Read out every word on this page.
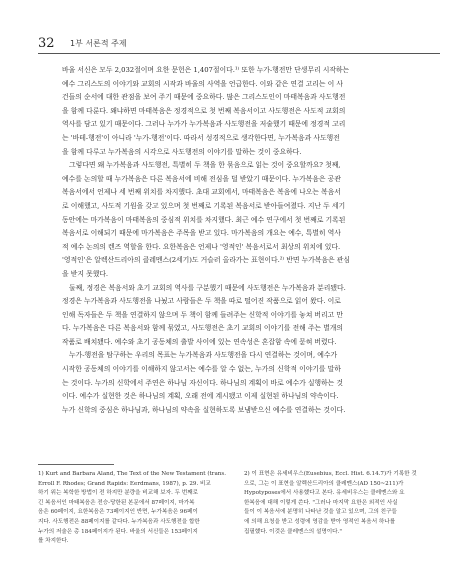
32 1부 서론적 주제

바울 서신은 모두 2,032절이며 요한 문헌은 1,407절이다.¹⁾ 또한 누가-행전만 단생무리 시작하는
예수 그리스도의 이야기와 교회의 시작과 바울의 사역을 언급한다. 이와 같은 연결 고리는 이 사
건들의 순서에 대한 관점을 보여 주기 때문에 중요하다. 많은 그리스도인이 마태복음과 사도행전
을 함께 다룬다. 왜냐하면 마태복음은 정경적으로 첫 번째 복음서이고 사도행전은 사도적 교회의
역사를 담고 있기 때문이다. 그러나 누가가 누가복음과 사도행전을 저술했기 때문에 정경적 고리
는 '바테-행전'이 아니라 '누가-행전'이다. 따라서 성경적으로 생각한다면, 누가복음과 사도행전
을 함께 다루고 누가복음의 시각으로 사도행전의 이야기를 말하는 것이 중요하다.

그렇다면 왜 누가복음과 사도행전, 특별히 두 책을 한 묶음으로 읽는 것이 중요할까요? 첫째,
예수를 논의할 때 누가복음은 다른 복음서에 비해 전심을 덜 받았기 때문이다. 누가복음은 공관
복음서에서 언제나 세 번째 위치를 차지했다. 초대 교회에서, 마태복음은 복음에 나오는 복음서
로 이해했고, 사도적 기원을 갖고 있으며 첫 번째로 기록된 복음서로 받아들여졌다. 지난 두 세기
동안에는 마가복음이 마태복음의 중심적 위치를 차지했다. 최근 예수 연구에서 첫 번째로 기록된
복음서로 이해되기 때문에 마가복음은 주목을 받고 있다. 마가복음의 개요는 예수, 특별히 역사
적 예수 논의의 렌즈 역할을 한다. 요한복음은 언제나 '영적인' 복음서로서 최상의 위치에 있다.
'영적인'은 알렉산드리아의 클레멘스(2세기)도 거슬러 올라가는 표현이다.²⁾ 반면 누가복음은 관심
을 받지 못했다.

둘째, 정경은 복음서와 초기 교회의 역사를 구분했기 때문에 사도행전은 누가복음과 분리됐다.
정경은 누가복음과 사도행전을 나눴고 사람들은 두 책을 따로 떨어진 작품으로 읽어 왔다. 이로
인해 독자들은 두 책을 연결하지 않으며 두 책이 함께 들려주는 신학적 이야기를 놓쳐 버리고 만
다. 누가복음은 다른 복음서와 함께 묶였고, 사도행전은 초기 교회의 이야기를 전해 주는 별개의
작품로 배치됐다. 예수와 초기 공동체의 출발 사이에 있는 연속성은 혼잡함 속에 묻혀 버렸다.

누가-행전을 탐구하는 우리의 목표는 누가복음과 사도행전을 다시 연결하는 것이며, 예수가
시작한 공동체의 이야기를 이해하지 않고서는 예수를 알 수 없는, 누가의 신학적 이야기를 말하
는 것이다. 누가의 신학에서 주연은 하나님 자신이다. 하나님의 계획이 바로 예수가 실행하는 것
이다. 예수가 실현한 것은 하나님의 계획, 오래 전에 계시됐고 이제 실현된 하나님의 약속이다.
누가 신학의 중심은 하나님과, 하나님의 약속을 실현하도록 보냄받으신 예수를 연결하는 것이다.

1) Kurt and Barbara Aland, The Text of the New Testament (trans.
Erroll F. Rhodes; Grand Rapids: Eerdmans, 1987), p. 29. 비교
하기 위는 복학한 방법이 전 하지만 분량을 비교해 보자. 두 번째로
긴 복음서인 마태복음은 전승-당한된 본문에서 87페이지, 마가복
음은 60페이지, 요한복음은 73페이지인 반면, 누가복음은 96페이
지다. 사도행전은 88페이지를 같다다. 누가복음과 사도행전을 합한
누가의 저술은 총 184페이지가 된다. 바울의 서신들은 153페이지
를 차지한다.
2) 이 표현은 유세비우스(Eusebius, Eccl. Hist. 6.14.7)가 기록한 것
으로, 그는 이 표현을 알렉산드리아의 클레멘스(AD 150~211)가
Hypotyposes에서 사용했다고 본다. 유세비우스는 클레멘스와 요
한복음에 대해 이렇게 쓴다. "그러나 마지막 요한은 외적인 사실
들이 이 복음서에 분명히 나타난 것을 알고 있으며, 그의 친구들
에 의해 요청을 받고 성령에 영감을 받아 영적인 복음서 하나를
집필했다. 이것은 클레멘스의 설명이다."
